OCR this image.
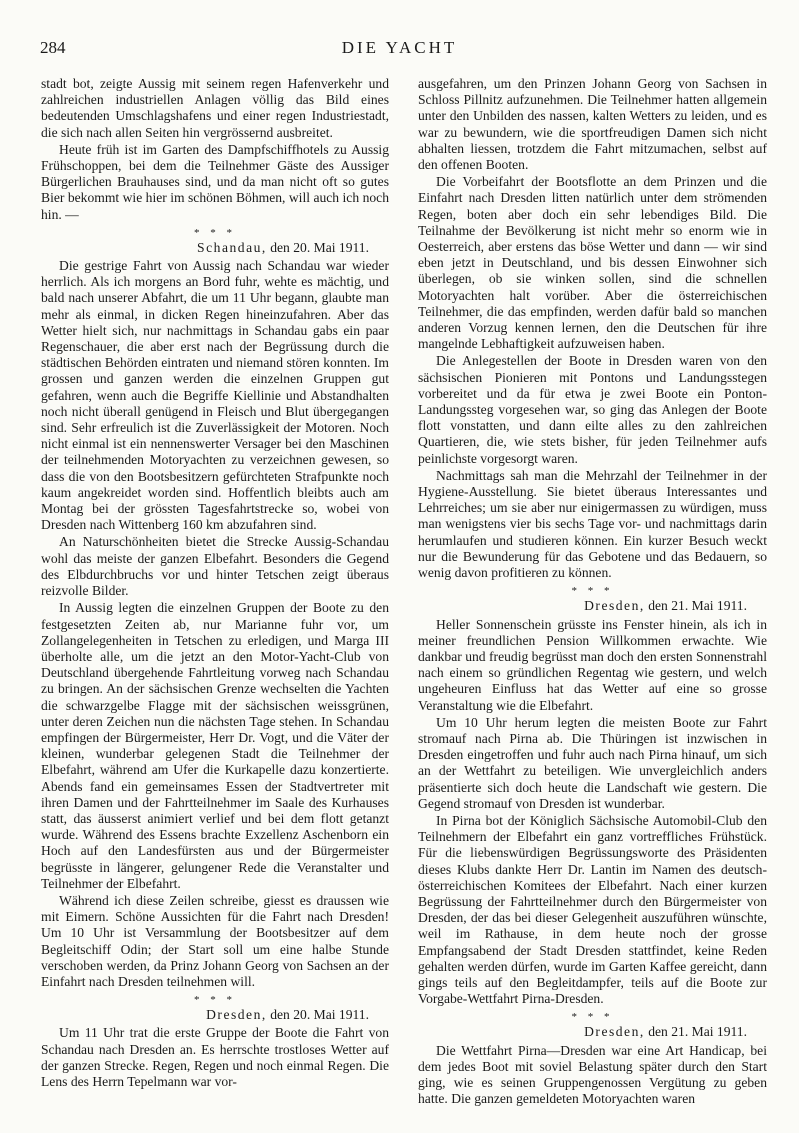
284	DIE YACHT

stadt bot, zeigte Aussig mit seinem regen Hafenverkehr und zahlreichen industriellen Anlagen völlig das Bild eines bedeutenden Umschlagshafens und einer regen Industriestadt, die sich nach allen Seiten hin vergrössernd ausbreitet.

Heute früh ist im Garten des Dampfschiffhotels zu Aussig Frühschoppen, bei dem die Teilnehmer Gäste des Aussiger Bürgerlichen Brauhauses sind, und da man nicht oft so gutes Bier bekommt wie hier im schönen Böhmen, will auch ich noch hin. —

* * *
Schandau, den 20. Mai 1911.

Die gestrige Fahrt von Aussig nach Schandau war wieder herrlich. Als ich morgens an Bord fuhr, wehte es mächtig, und bald nach unserer Abfahrt, die um 11 Uhr begann, glaubte man mehr als einmal, in dicken Regen hineinzufahren. Aber das Wetter hielt sich, nur nachmittags in Schandau gabs ein paar Regenschauer, die aber erst nach der Begrüssung durch die städtischen Behörden eintraten und niemand stören konnten. Im grossen und ganzen werden die einzelnen Gruppen gut gefahren, wenn auch die Begriffe Kiellinie und Abstandhalten noch nicht überall genügend in Fleisch und Blut übergegangen sind. Sehr erfreulich ist die Zuverlässigkeit der Motoren. Noch nicht einmal ist ein nennenswerter Versager bei den Maschinen der teilnehmenden Motoryachten zu verzeichnen gewesen, so dass die von den Bootsbesitzern gefürchteten Strafpunkte noch kaum angekreidet worden sind. Hoffentlich bleibts auch am Montag bei der grössten Tagesfahrtstrecke so, wobei von Dresden nach Wittenberg 160 km abzufahren sind.

An Naturschönheiten bietet die Strecke Aussig-Schandau wohl das meiste der ganzen Elbefahrt. Besonders die Gegend des Elbdurchbruchs vor und hinter Tetschen zeigt überaus reizvolle Bilder.

In Aussig legten die einzelnen Gruppen der Boote zu den festgesetzten Zeiten ab, nur Marianne fuhr vor, um Zollangelegenheiten in Tetschen zu erledigen, und Marga III überholte alle, um die jetzt an den Motor-Yacht-Club von Deutschland übergehende Fahrtleitung vorweg nach Schandau zu bringen. An der sächsischen Grenze wechselten die Yachten die schwarzgelbe Flagge mit der sächsischen weissgrünen, unter deren Zeichen nun die nächsten Tage stehen. In Schandau empfingen der Bürgermeister, Herr Dr. Vogt, und die Väter der kleinen, wunderbar gelegenen Stadt die Teilnehmer der Elbefahrt, während am Ufer die Kurkapelle dazu konzertierte. Abends fand ein gemeinsames Essen der Stadtvertreter mit ihren Damen und der Fahrtteilnehmer im Saale des Kurhauses statt, das äusserst animiert verlief und bei dem flott getanzt wurde. Während des Essens brachte Exzellenz Aschenborn ein Hoch auf den Landesfürsten aus und der Bürgermeister begrüsste in längerer, gelungener Rede die Veranstalter und Teilnehmer der Elbefahrt.

Während ich diese Zeilen schreibe, giesst es draussen wie mit Eimern. Schöne Aussichten für die Fahrt nach Dresden! Um 10 Uhr ist Versammlung der Bootsbesitzer auf dem Begleitschiff Odin; der Start soll um eine halbe Stunde verschoben werden, da Prinz Johann Georg von Sachsen an der Einfahrt nach Dresden teilnehmen will.

* * *
Dresden, den 20. Mai 1911.

Um 11 Uhr trat die erste Gruppe der Boote die Fahrt von Schandau nach Dresden an. Es herrschte trostloses Wetter auf der ganzen Strecke. Regen, Regen und noch einmal Regen. Die Lens des Herrn Tepelmann war vor-

ausgefahren, um den Prinzen Johann Georg von Sachsen in Schloss Pillnitz aufzunehmen. Die Teilnehmer hatten allgemein unter den Unbilden des nassen, kalten Wetters zu leiden, und es war zu bewundern, wie die sportfreudigen Damen sich nicht abhalten liessen, trotzdem die Fahrt mitzumachen, selbst auf den offenen Booten.

Die Vorbeifahrt der Bootsflotte an dem Prinzen und die Einfahrt nach Dresden litten natürlich unter dem strömenden Regen, boten aber doch ein sehr lebendiges Bild. Die Teilnahme der Bevölkerung ist nicht mehr so enorm wie in Oesterreich, aber erstens das böse Wetter und dann — wir sind eben jetzt in Deutschland, und bis dessen Einwohner sich überlegen, ob sie winken sollen, sind die schnellen Motoryachten halt vorüber. Aber die österreichischen Teilnehmer, die das empfinden, werden dafür bald so manchen anderen Vorzug kennen lernen, den die Deutschen für ihre mangelnde Lebhaftigkeit aufzuweisen haben.

Die Anlegestellen der Boote in Dresden waren von den sächsischen Pionieren mit Pontons und Landungsstegen vorbereitet und da für etwa je zwei Boote ein Ponton-Landungssteg vorgesehen war, so ging das Anlegen der Boote flott vonstatten, und dann eilte alles zu den zahlreichen Quartieren, die, wie stets bisher, für jeden Teilnehmer aufs peinlichste vorgesorgt waren.

Nachmittags sah man die Mehrzahl der Teilnehmer in der Hygiene-Ausstellung. Sie bietet überaus Interessantes und Lehrreiches; um sie aber nur einigermassen zu würdigen, muss man wenigstens vier bis sechs Tage vor- und nachmittags darin herumlaufen und studieren können. Ein kurzer Besuch weckt nur die Bewunderung für das Gebotene und das Bedauern, so wenig davon profitieren zu können.

* * *
Dresden, den 21. Mai 1911.

Heller Sonnenschein grüsste ins Fenster hinein, als ich in meiner freundlichen Pension Willkommen erwachte. Wie dankbar und freudig begrüsst man doch den ersten Sonnenstrahl nach einem so gründlichen Regentag wie gestern, und welch ungeheuren Einfluss hat das Wetter auf eine so grosse Veranstaltung wie die Elbefahrt.

Um 10 Uhr herum legten die meisten Boote zur Fahrt stromauf nach Pirna ab. Die Thüringen ist inzwischen in Dresden eingetroffen und fuhr auch nach Pirna hinauf, um sich an der Wettfahrt zu beteiligen. Wie unvergleichlich anders präsentierte sich doch heute die Landschaft wie gestern. Die Gegend stromauf von Dresden ist wunderbar.

In Pirna bot der Königlich Sächsische Automobil-Club den Teilnehmern der Elbefahrt ein ganz vortreffliches Frühstück. Für die liebenswürdigen Begrüssungsworte des Präsidenten dieses Klubs dankte Herr Dr. Lantin im Namen des deutsch-österreichischen Komitees der Elbefahrt. Nach einer kurzen Begrüssung der Fahrtteilnehmer durch den Bürgermeister von Dresden, der das bei dieser Gelegenheit auszuführen wünschte, weil im Rathause, in dem heute noch der grosse Empfangsabend der Stadt Dresden stattfindet, keine Reden gehalten werden dürfen, wurde im Garten Kaffee gereicht, dann gings teils auf den Begleitdampfer, teils auf die Boote zur Vorgabe-Wettfahrt Pirna-Dresden.

* * *
Dresden, den 21. Mai 1911.

Die Wettfahrt Pirna—Dresden war eine Art Handicap, bei dem jedes Boot mit soviel Belastung später durch den Start ging, wie es seinen Gruppengenossen Vergütung zu geben hatte. Die ganzen gemeldeten Motoryachten waren
